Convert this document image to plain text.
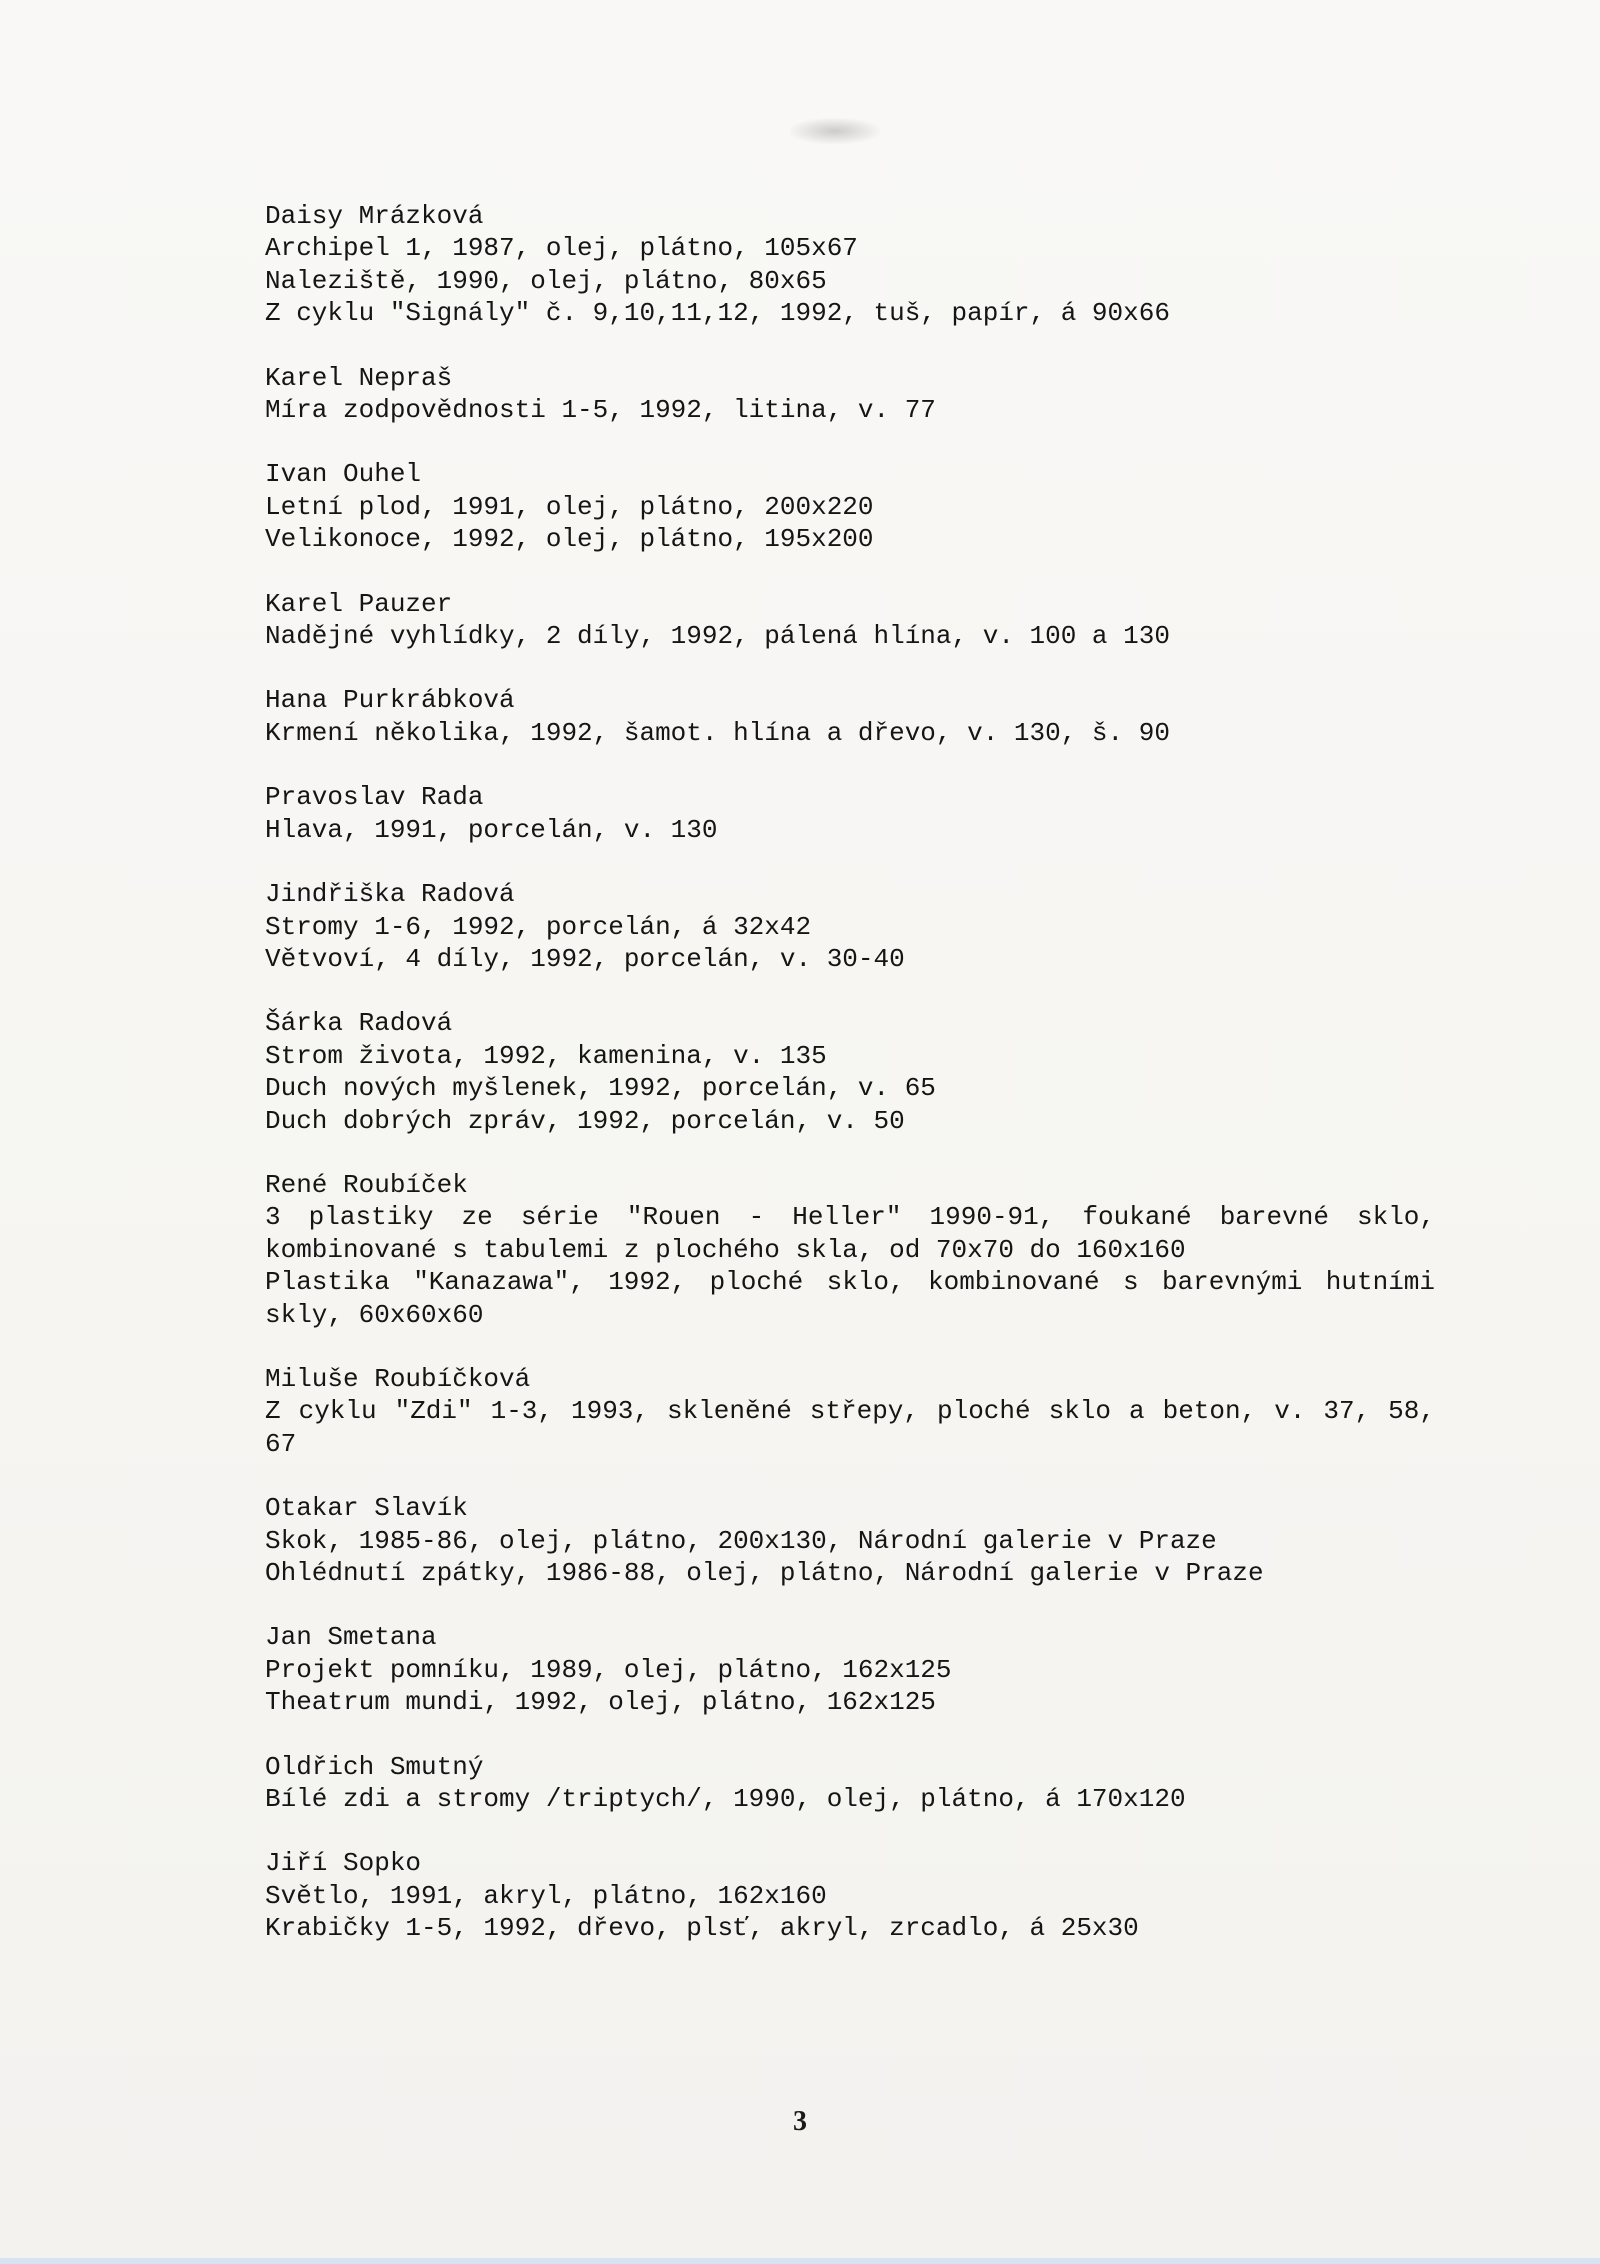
Daisy Mrázková
Archipel 1, 1987, olej, plátno, 105x67
Naleziště, 1990, olej, plátno, 80x65
Z cyklu "Signály" č. 9,10,11,12, 1992, tuš, papír, á 90x66
Karel Nepraš
Míra zodpovědnosti 1-5, 1992, litina, v. 77
Ivan Ouhel
Letní plod, 1991, olej, plátno, 200x220
Velikonoce, 1992, olej, plátno, 195x200
Karel Pauzer
Nadějné vyhlídky, 2 díly, 1992, pálená hlína, v. 100 a 130
Hana Purkrábková
Krmení několika, 1992, šamot. hlína a dřevo, v. 130, š. 90
Pravoslav Rada
Hlava, 1991, porcelán, v. 130
Jindřiška Radová
Stromy 1-6, 1992, porcelán, á 32x42
Větvoví, 4 díly, 1992, porcelán, v. 30-40
Šárka Radová
Strom života, 1992, kamenina, v. 135
Duch nových myšlenek, 1992, porcelán, v. 65
Duch dobrých zpráv, 1992, porcelán, v. 50
René Roubíček
3 plastiky ze série "Rouen - Heller" 1990-91, foukané barevné sklo, kombinované s tabulemi z plochého skla, od 70x70 do 160x160
Plastika "Kanazawa", 1992, ploché sklo, kombinované s barevnými hutními skly, 60x60x60
Miluše Roubíčková
Z cyklu "Zdi" 1-3, 1993, skleněné střepy, ploché sklo a beton, v. 37, 58, 67
Otakar Slavík
Skok, 1985-86, olej, plátno, 200x130, Národní galerie v Praze
Ohlédnutí zpátky, 1986-88, olej, plátno, Národní galerie v Praze
Jan Smetana
Projekt pomníku, 1989, olej, plátno, 162x125
Theatrum mundi, 1992, olej, plátno, 162x125
Oldřich Smutný
Bílé zdi a stromy /triptych/, 1990, olej, plátno, á 170x120
Jiří Sopko
Světlo, 1991, akryl, plátno, 162x160
Krabičky 1-5, 1992, dřevo, plsť, akryl, zrcadlo, á 25x30
3
